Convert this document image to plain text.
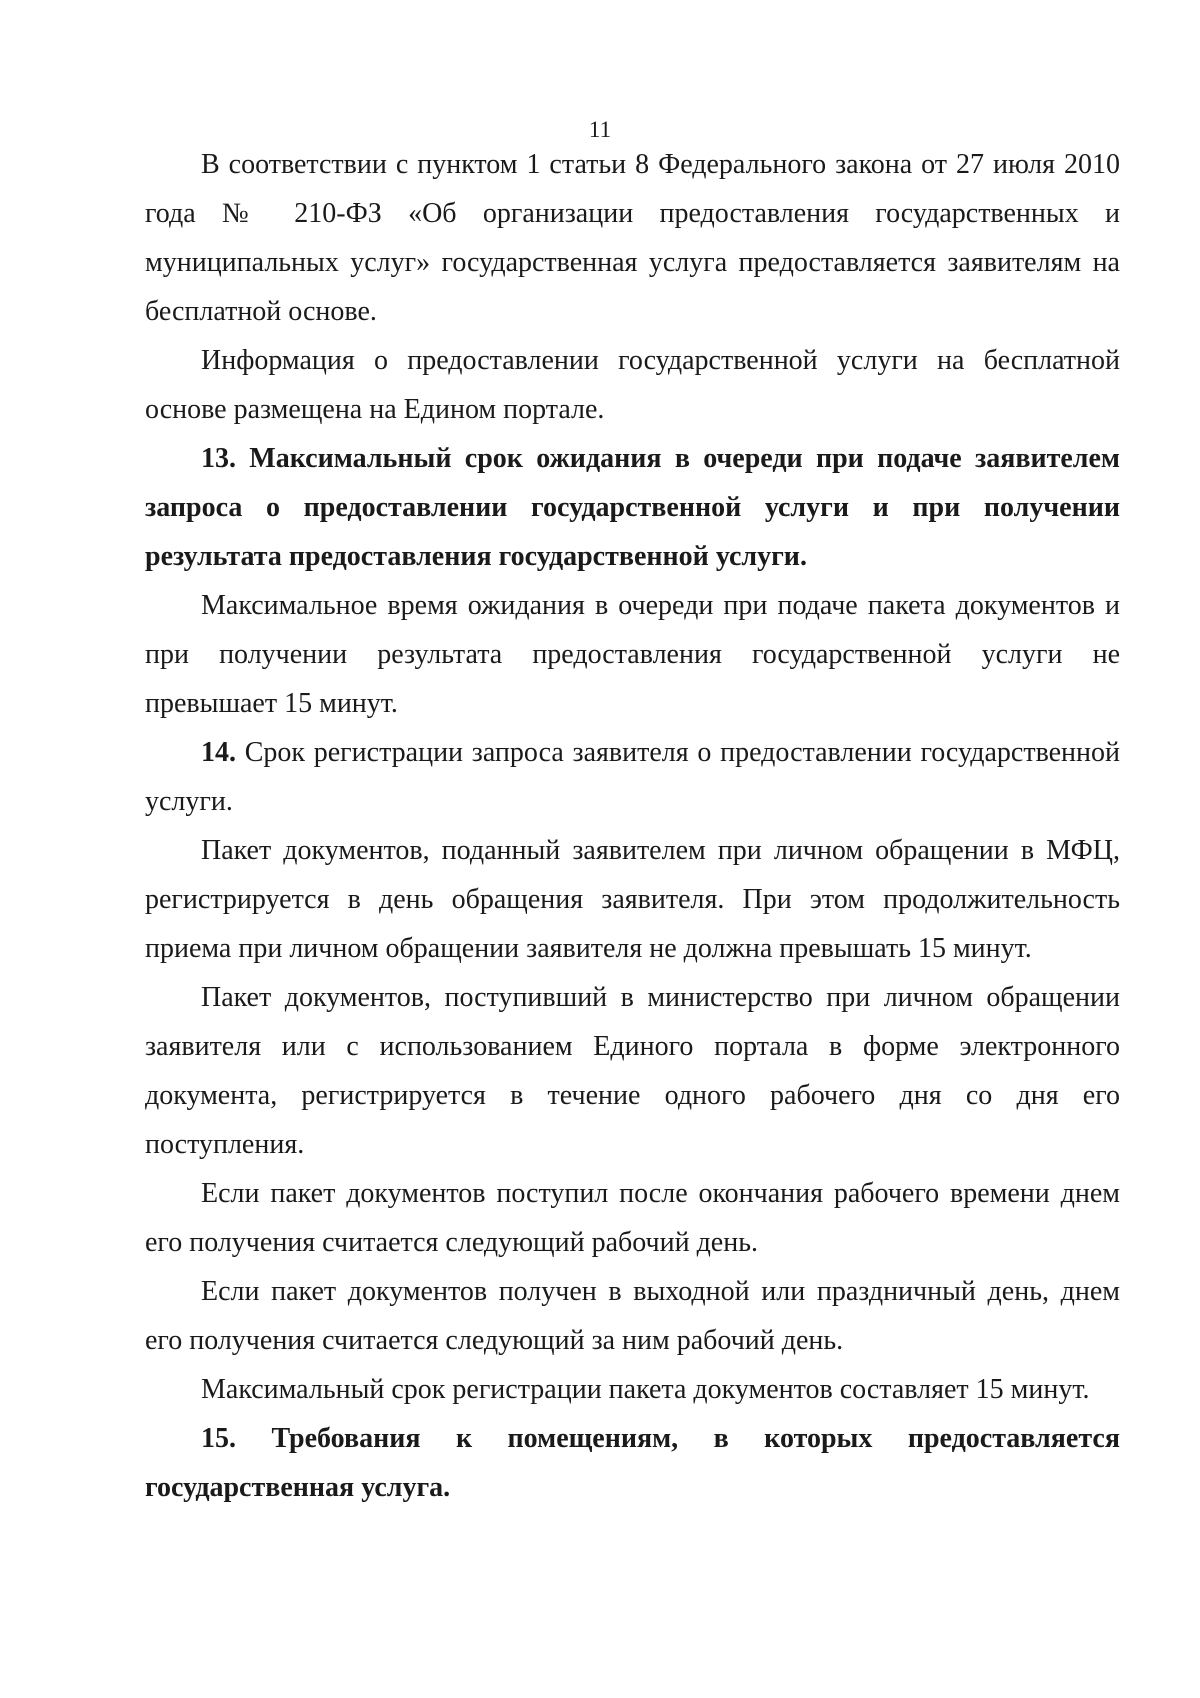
11

В соответствии с пунктом 1 статьи 8 Федерального закона от 27 июля 2010 года № 210-ФЗ «Об организации предоставления государственных и муниципальных услуг» государственная услуга предоставляется заявителям на бесплатной основе.

Информация о предоставлении государственной услуги на бесплатной основе размещена на Едином портале.

13. Максимальный срок ожидания в очереди при подаче заявителем запроса о предоставлении государственной услуги и при получении результата предоставления государственной услуги.

Максимальное время ожидания в очереди при подаче пакета документов и при получении результата предоставления государственной услуги не превышает 15 минут.

14. Срок регистрации запроса заявителя о предоставлении государственной услуги.

Пакет документов, поданный заявителем при личном обращении в МФЦ, регистрируется в день обращения заявителя. При этом продолжительность приема при личном обращении заявителя не должна превышать 15 минут.

Пакет документов, поступивший в министерство при личном обращении заявителя или с использованием Единого портала в форме электронного документа, регистрируется в течение одного рабочего дня со дня его поступления.

Если пакет документов поступил после окончания рабочего времени днем его получения считается следующий рабочий день.

Если пакет документов получен в выходной или праздничный день, днем его получения считается следующий за ним рабочий день.

Максимальный срок регистрации пакета документов составляет 15 минут.

15. Требования к помещениям, в которых предоставляется государственная услуга.
